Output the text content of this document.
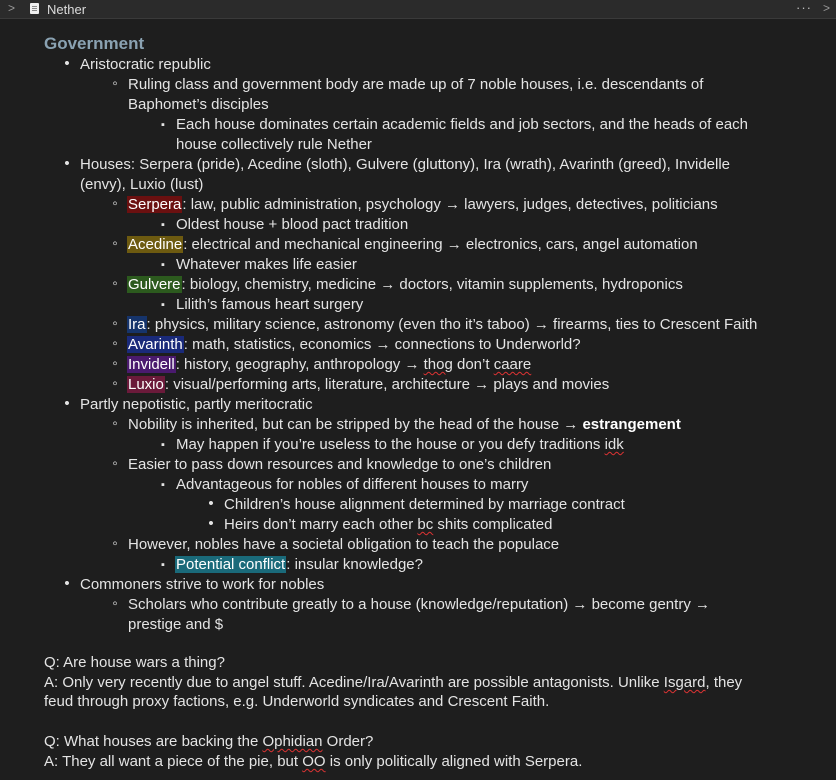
> Nether	··· >
Government
•
Aristocratic republic
◦
Ruling class and government body are made up of 7 noble houses, i.e. descendants of
Baphomet’s disciples
▪
Each house dominates certain academic fields and job sectors, and the heads of each
house collectively rule Nether
•
Houses: Serpera (pride), Acedine (sloth), Gulvere (gluttony), Ira (wrath), Avarinth (greed), Invidelle
(envy), Luxio (lust)
◦
Serpera: law, public administration, psychology → lawyers, judges, detectives, politicians
▪
Oldest house + blood pact tradition
◦
Acedine: electrical and mechanical engineering → electronics, cars, angel automation
▪
Whatever makes life easier
◦
Gulvere: biology, chemistry, medicine → doctors, vitamin supplements, hydroponics
▪
Lilith’s famous heart surgery
◦
Ira: physics, military science, astronomy (even tho it’s taboo) → firearms, ties to Crescent Faith
◦
Avarinth: math, statistics, economics → connections to Underworld?
◦
Invidell: history, geography, anthropology → thog don’t caare
◦
Luxio: visual/performing arts, literature, architecture → plays and movies
•
Partly nepotistic, partly meritocratic
◦
Nobility is inherited, but can be stripped by the head of the house → estrangement
▪
May happen if you’re useless to the house or you defy traditions idk
◦
Easier to pass down resources and knowledge to one’s children
▪
Advantageous for nobles of different houses to marry
•
Children’s house alignment determined by marriage contract
•
Heirs don’t marry each other bc shits complicated
◦
However, nobles have a societal obligation to teach the populace
▪
Potential conflict: insular knowledge?
•
Commoners strive to work for nobles
◦
Scholars who contribute greatly to a house (knowledge/reputation) → become gentry →
prestige and $
Q: Are house wars a thing?
A: Only very recently due to angel stuff. Acedine/Ira/Avarinth are possible antagonists. Unlike Isgard, they
feud through proxy factions, e.g. Underworld syndicates and Crescent Faith.
Q: What houses are backing the Ophidian Order?
A: They all want a piece of the pie, but OO is only politically aligned with Serpera.
